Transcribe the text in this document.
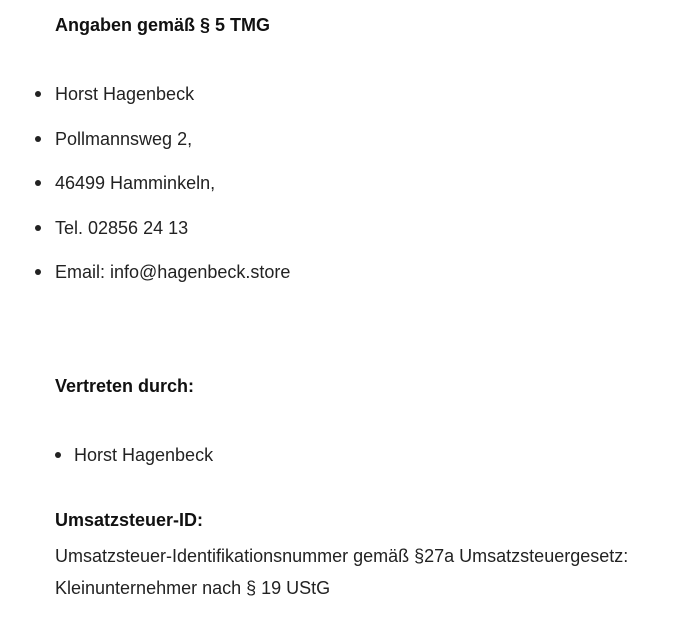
Angaben gemäß § 5 TMG
Horst Hagenbeck
Pollmannsweg 2,
46499 Hamminkeln,
Tel. 02856 24 13
Email: info@hagenbeck.store
Vertreten durch:
Horst Hagenbeck
Umsatzsteuer-ID:
Umsatzsteuer-Identifikationsnummer gemäß §27a Umsatzsteuergesetz:
Kleinunternehmer nach § 19 UStG
